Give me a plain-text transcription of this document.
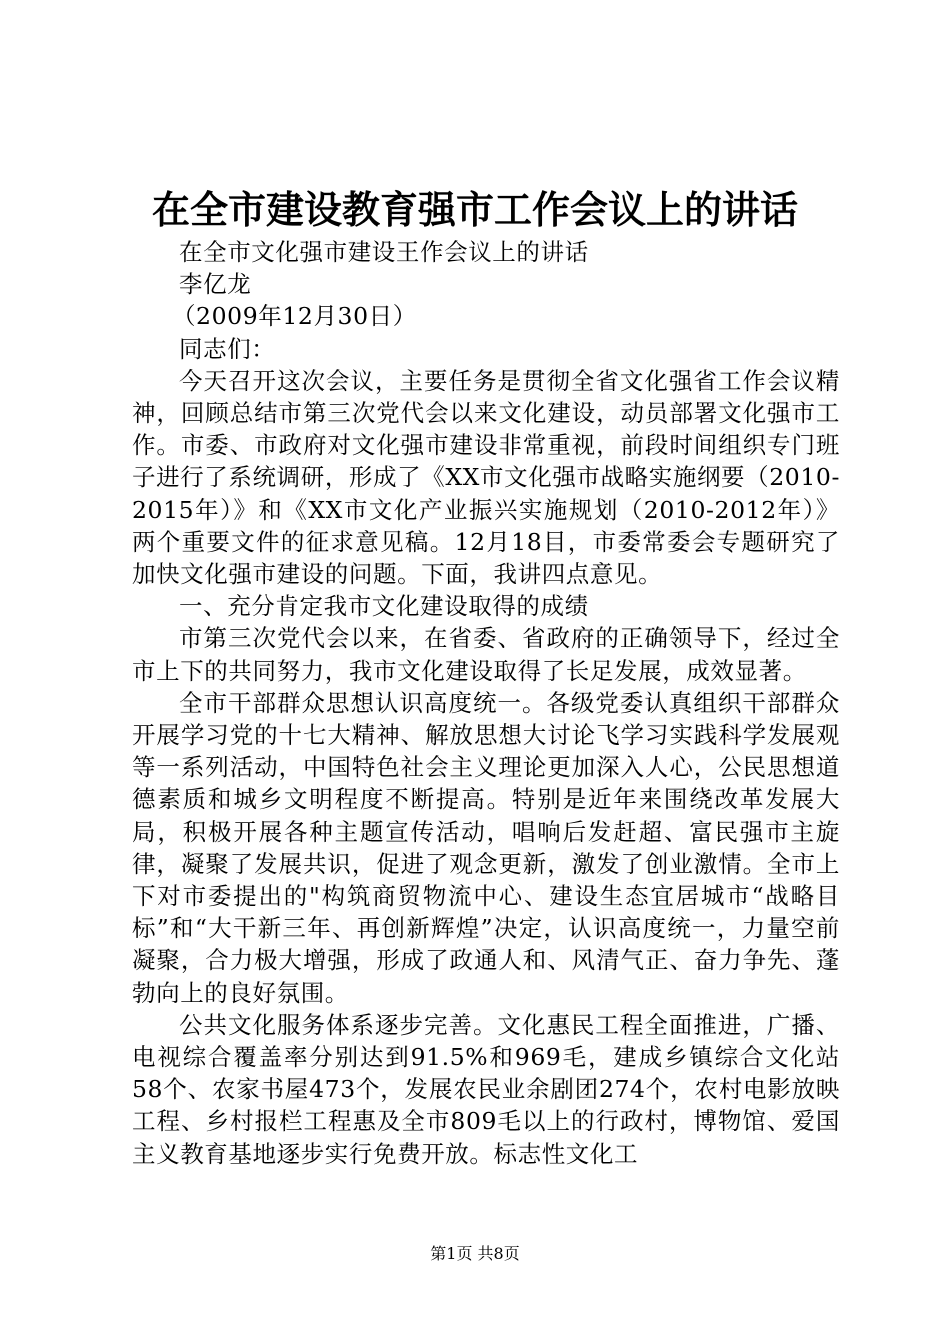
在全市建设教育强市工作会议上的讲话

在全市文化强市建设王作会议上的讲话

李亿龙

（2009年12月30日）

同志们：

今天召开这次会议，主要任务是贯彻全省文化强省工作会议精神，回顾总结市第三次党代会以来文化建设，动员部署文化强市工作。市委、市政府对文化强市建设非常重视，前段时间组织专门班子进行了系统调研，形成了《XX市文化强市战略实施纲要（2010-2015年）》和《XX市文化产业振兴实施规划（2010-2012年）》两个重要文件的征求意见稿。12月18目，市委常委会专题研究了加快文化强市建设的问题。下面，我讲四点意见。

一、充分肯定我市文化建设取得的成绩

市第三次党代会以来，在省委、省政府的正确领导下，经过全市上下的共同努力，我市文化建设取得了长足发展，成效显著。

全市干部群众思想认识高度统一。各级党委认真组织干部群众开展学习党的十七大精神、解放思想大讨论飞学习实践科学发展观等一系列活动，中国特色社会主义理论更加深入人心，公民思想道德素质和城乡文明程度不断提高。特别是近年来围绕改革发展大局，积极开展各种主题宣传活动，唱响后发赶超、富民强市主旋律，凝聚了发展共识，促进了观念更新，激发了创业激情。全市上下对市委提出的"构筑商贸物流中心、建设生态宜居城市“战略目标”和“大干新三年、再创新辉煌”决定，认识高度统一，力量空前凝聚，合力极大增强，形成了政通人和、风清气正、奋力争先、蓬勃向上的良好氛围。

公共文化服务体系逐步完善。文化惠民工程全面推进，广播、电视综合覆盖率分别达到91.5%和969毛，建成乡镇综合文化站58个、农家书屋473个，发展农民业余剧团274个，农村电影放映工程、乡村报栏工程惠及全市809毛以上的行政村，博物馆、爱国主义教育基地逐步实行免费开放。标志性文化工

第1页 共8页
